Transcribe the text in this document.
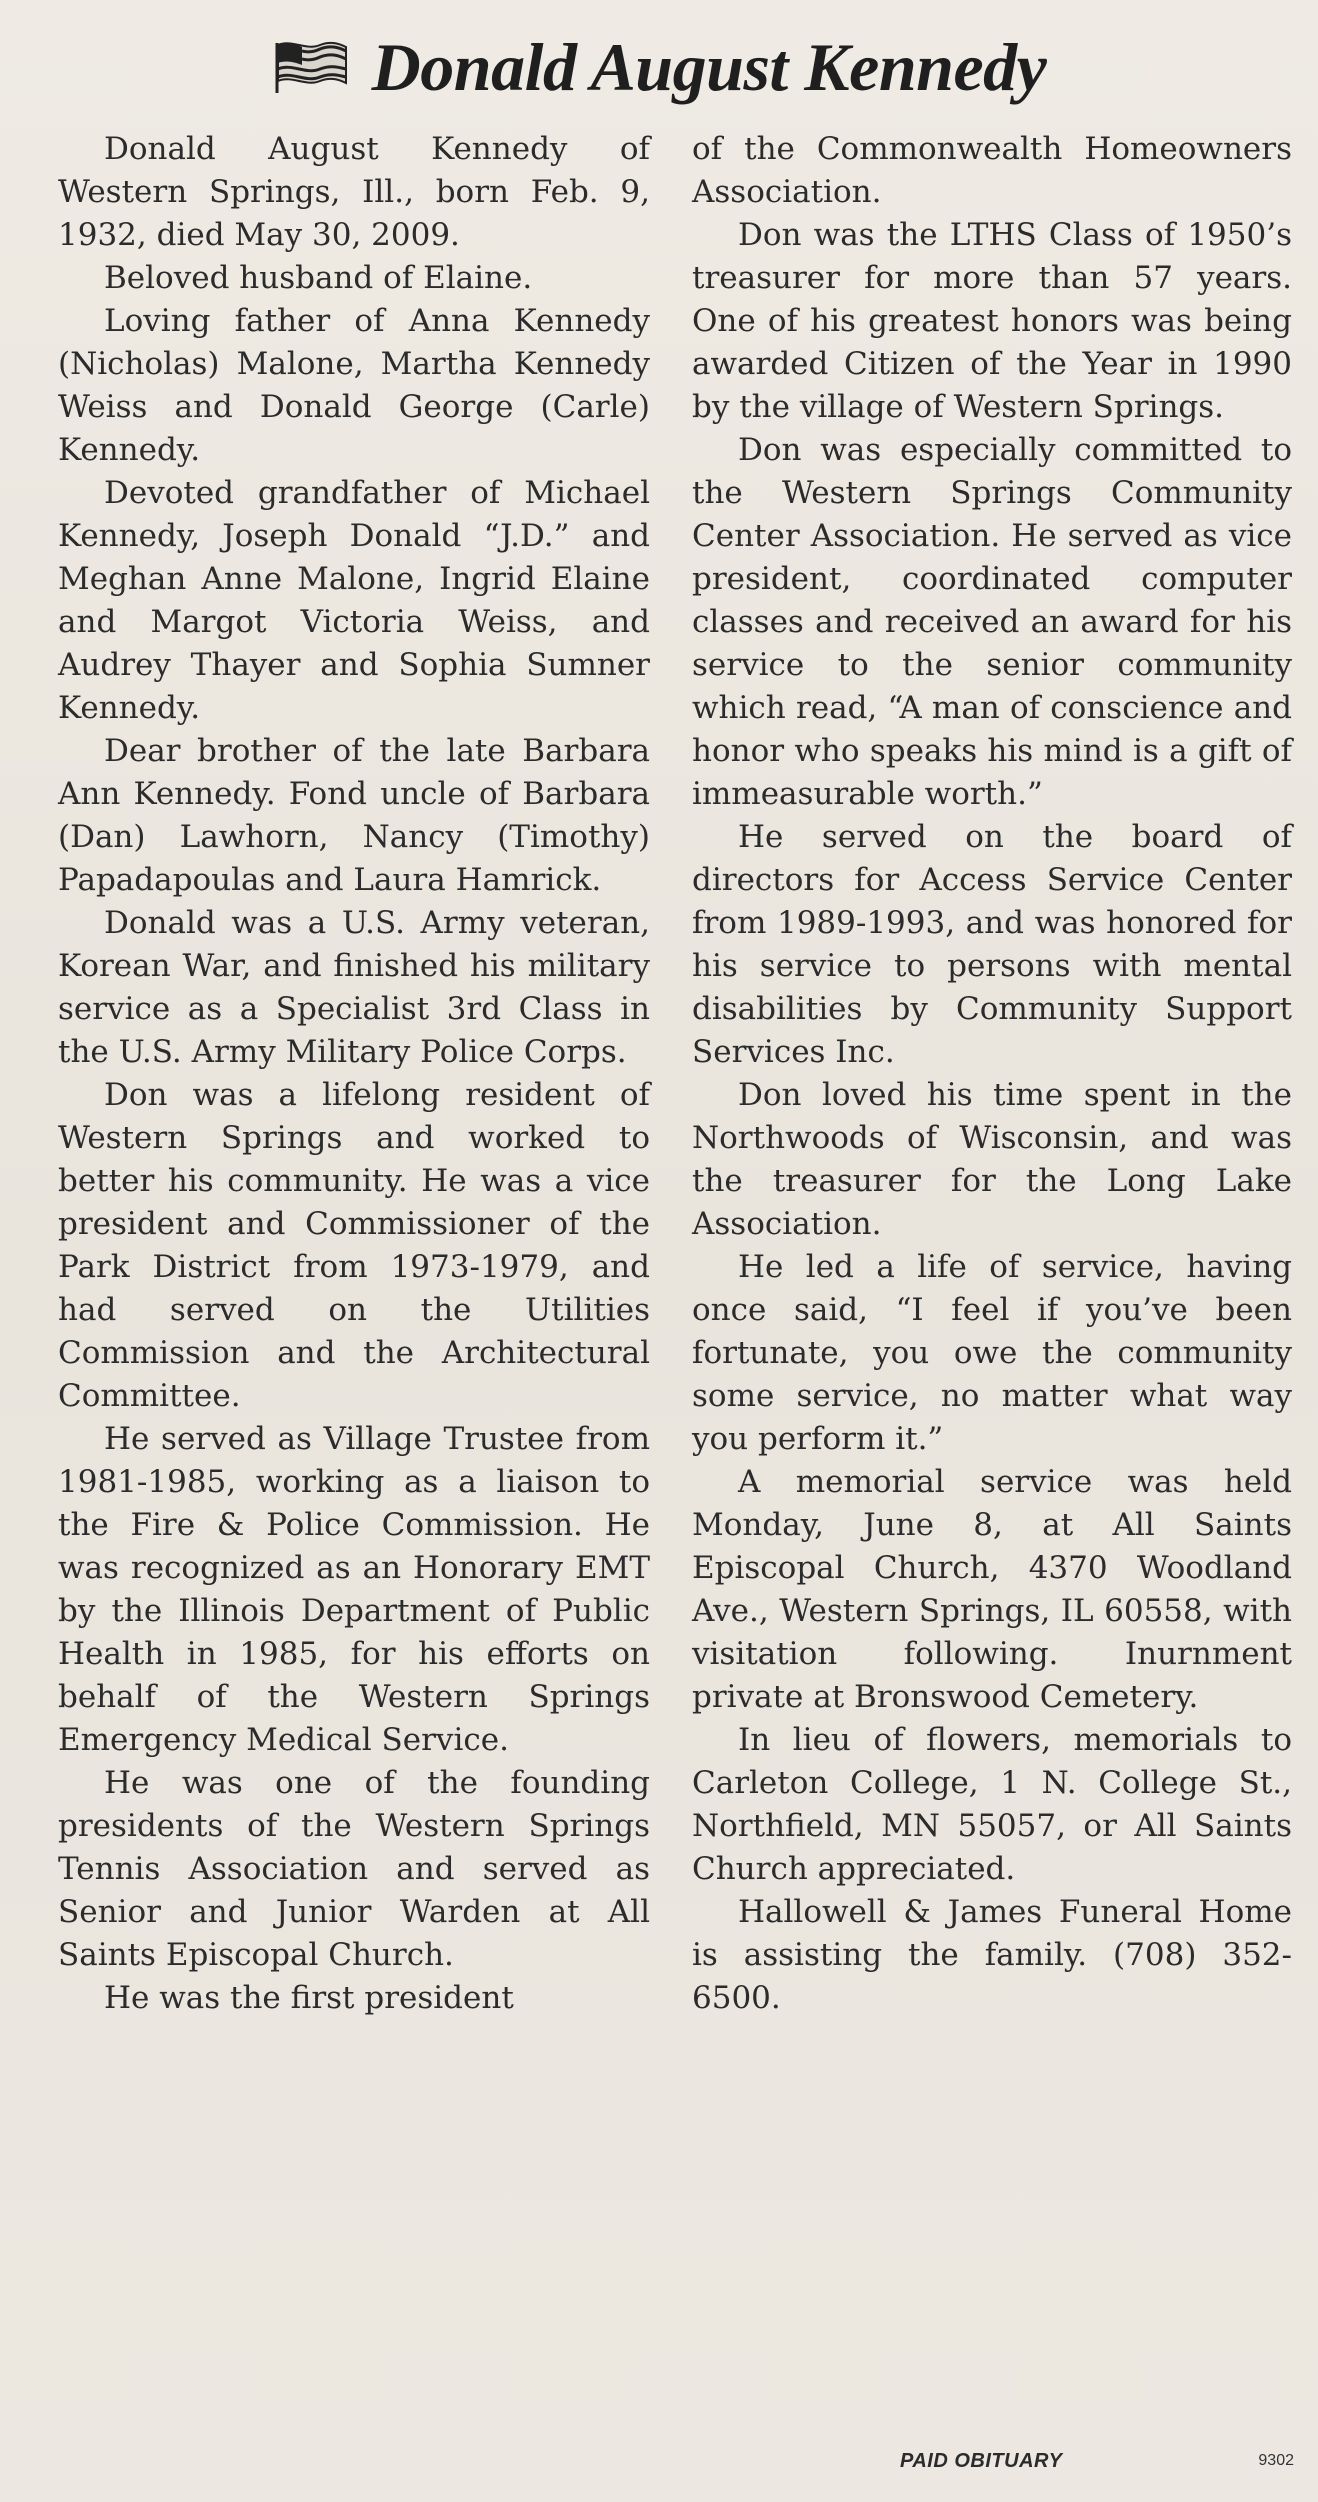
Donald August Kennedy

Donald August Kennedy of Western Springs, Ill., born Feb. 9, 1932, died May 30, 2009.

Beloved husband of Elaine.

Loving father of Anna Kennedy (Nicholas) Malone, Martha Kennedy Weiss and Donald George (Carle) Kennedy.

Devoted grandfather of Michael Kennedy, Joseph Donald “J.D.” and Meghan Anne Malone, Ingrid Elaine and Margot Victoria Weiss, and Audrey Thayer and Sophia Sumner Kennedy.

Dear brother of the late Barbara Ann Kennedy. Fond uncle of Barbara (Dan) Lawhorn, Nancy (Timothy) Papadapoulas and Laura Hamrick.

Donald was a U.S. Army veteran, Korean War, and finished his military service as a Specialist 3rd Class in the U.S. Army Military Police Corps.

Don was a lifelong resident of Western Springs and worked to better his community. He was a vice president and Commissioner of the Park District from 1973-1979, and had served on the Utilities Commission and the Architectural Committee.

He served as Village Trustee from 1981-1985, working as a liaison to the Fire & Police Commission. He was recognized as an Honorary EMT by the Illinois Department of Public Health in 1985, for his efforts on behalf of the Western Springs Emergency Medical Service.

He was one of the founding presidents of the Western Springs Tennis Association and served as Senior and Junior Warden at All Saints Episcopal Church.

He was the first president

of the Commonwealth Homeowners Association.

Don was the LTHS Class of 1950’s treasurer for more than 57 years. One of his greatest honors was being awarded Citizen of the Year in 1990 by the village of Western Springs.

Don was especially committed to the Western Springs Community Center Association. He served as vice president, coordinated computer classes and received an award for his service to the senior community which read, “A man of conscience and honor who speaks his mind is a gift of immeasurable worth.”

He served on the board of directors for Access Service Center from 1989-1993, and was honored for his service to persons with mental disabilities by Community Support Services Inc.

Don loved his time spent in the Northwoods of Wisconsin, and was the treasurer for the Long Lake Association.

He led a life of service, having once said, “I feel if you’ve been fortunate, you owe the community some service, no matter what way you perform it.”

A memorial service was held Monday, June 8, at All Saints Episcopal Church, 4370 Woodland Ave., Western Springs, IL 60558, with visitation following. Inurnment private at Bronswood Cemetery.

In lieu of flowers, memorials to Carleton College, 1 N. College St., Northfield, MN 55057, or All Saints Church appreciated.

Hallowell & James Funeral Home is assisting the family. (708) 352-6500.

PAID OBITUARY	9302
